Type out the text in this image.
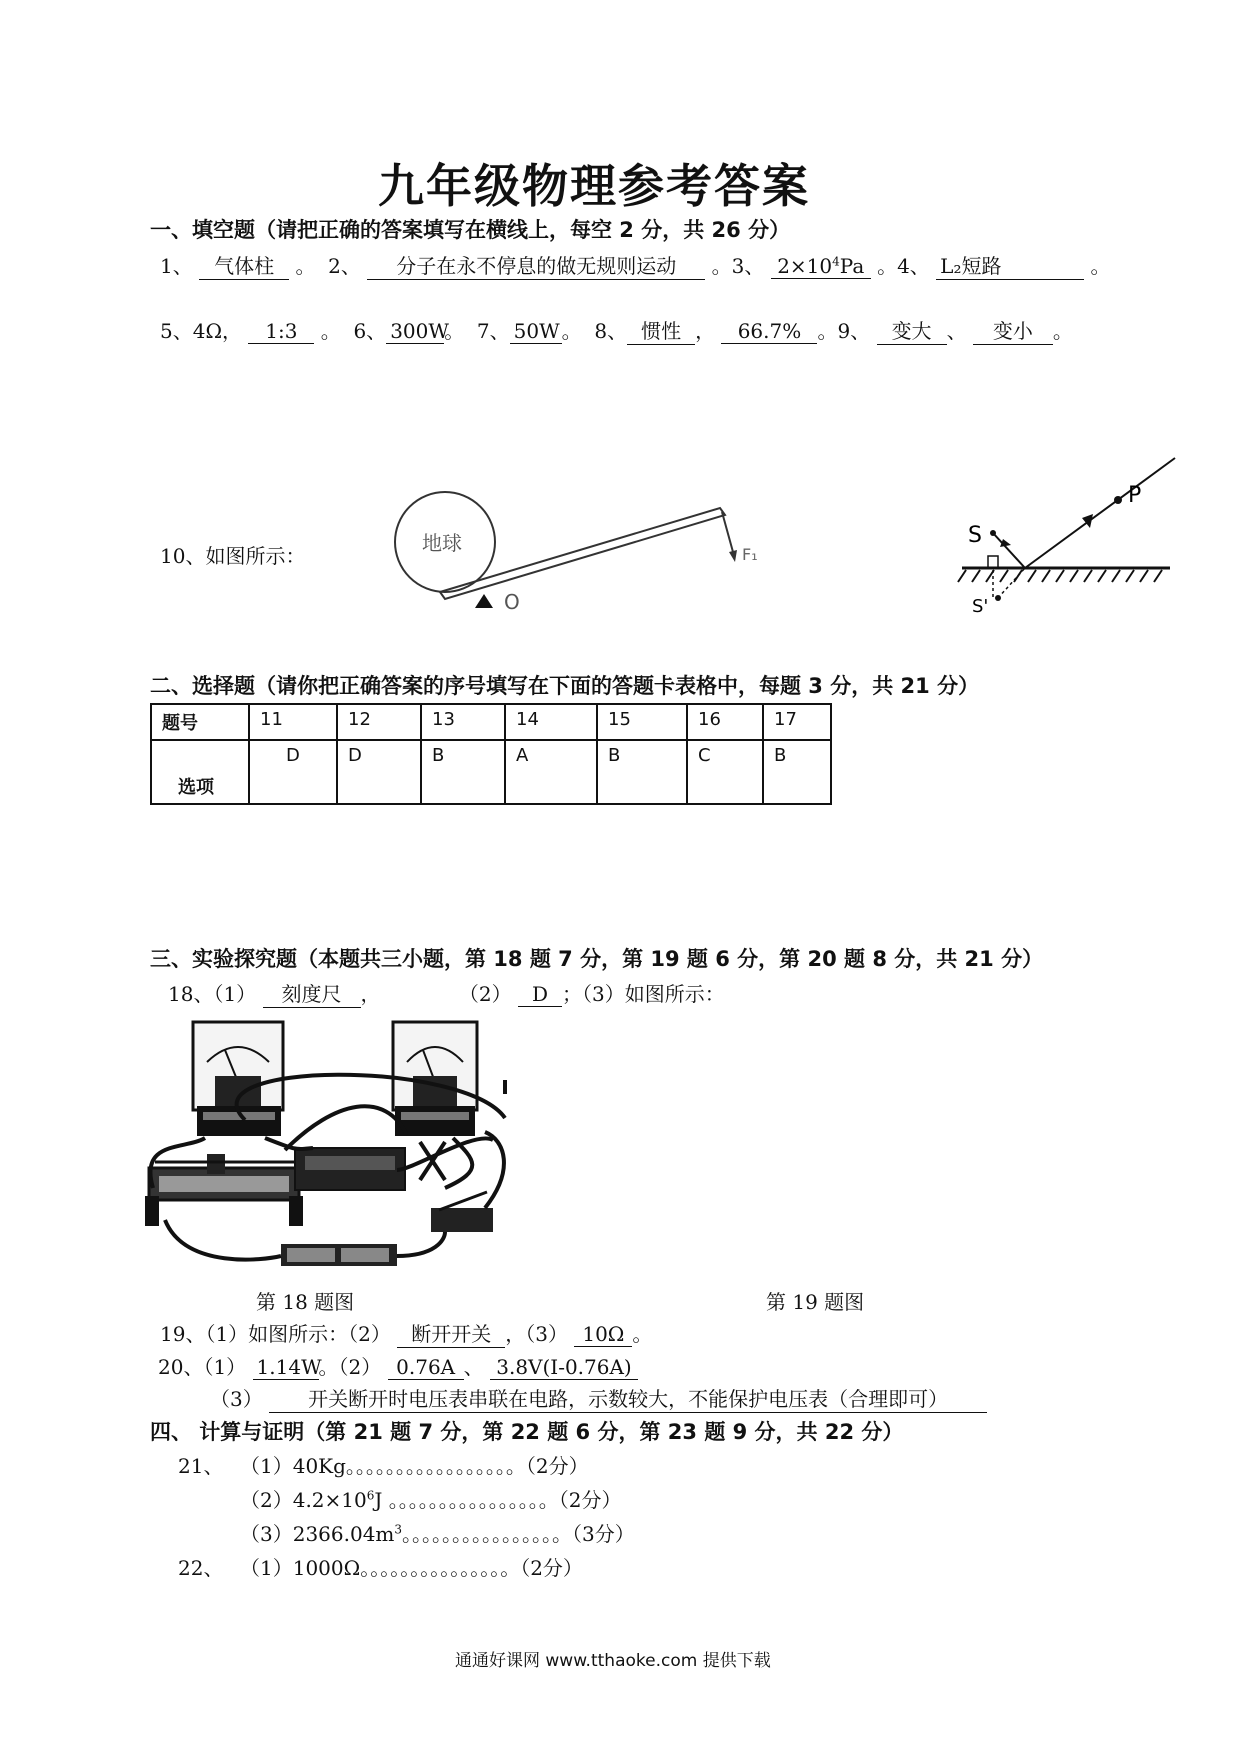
九年级物理参考答案
一、填空题（请把正确的答案填写在横线上，每空 2 分，共 26 分）
1、 气体柱 。 2、 分子在永不停息的做无规则运动 。3、 $2\times 10^4Pa$ 。4、 L₂短路	。
5、4Ω， 1:3 。 6、 300W。 7、 50W。 8、 惯性 ， 66.7% 。9、 变大 、 变小 。
10、如图所示：
地球
O
F₁
S
P
S'
二、选择题（请你把正确答案的序号填写在下面的答题卡表格中，每题 3 分，共 21 分）
题号	11	12	13	14	15	16	17
选项	D	D	B	A	B	C	B
三、实验探究题（本题共三小题，第 18 题 7 分，第 19 题 6 分，第 20 题 8 分，共 21 分）
18、（1） 刻度尺 ，	（2） D ；（3）如图所示：
第 18 题图	第 19 题图
19、（1）如图所示：（2） 断开开关 ，（3） 10Ω 。
20、（1） 1.14W。（2） 0.76A 、 3.8V(I-0.76A)
（3） 开关断开时电压表串联在电路，示数较大，不能保护电压表（合理即可）
四、 计算与证明（第 21 题 7 分，第 22 题 6 分，第 23 题 9 分，共 22 分）
21、 （1）40Kg。。。。。。。。。。。。。。。。。（2分）
$(2)4.2\times 10^6J$ 。。。。。。。。。。。。。。。。（2分）
$(3)2366.04m^3$。。。。。。。。。。。。。。。。（3分）
22、 （1）1000Ω。。。。。。。。。。。。。。。（2分）
通通好课网 www.tthaoke.com 提供下载
